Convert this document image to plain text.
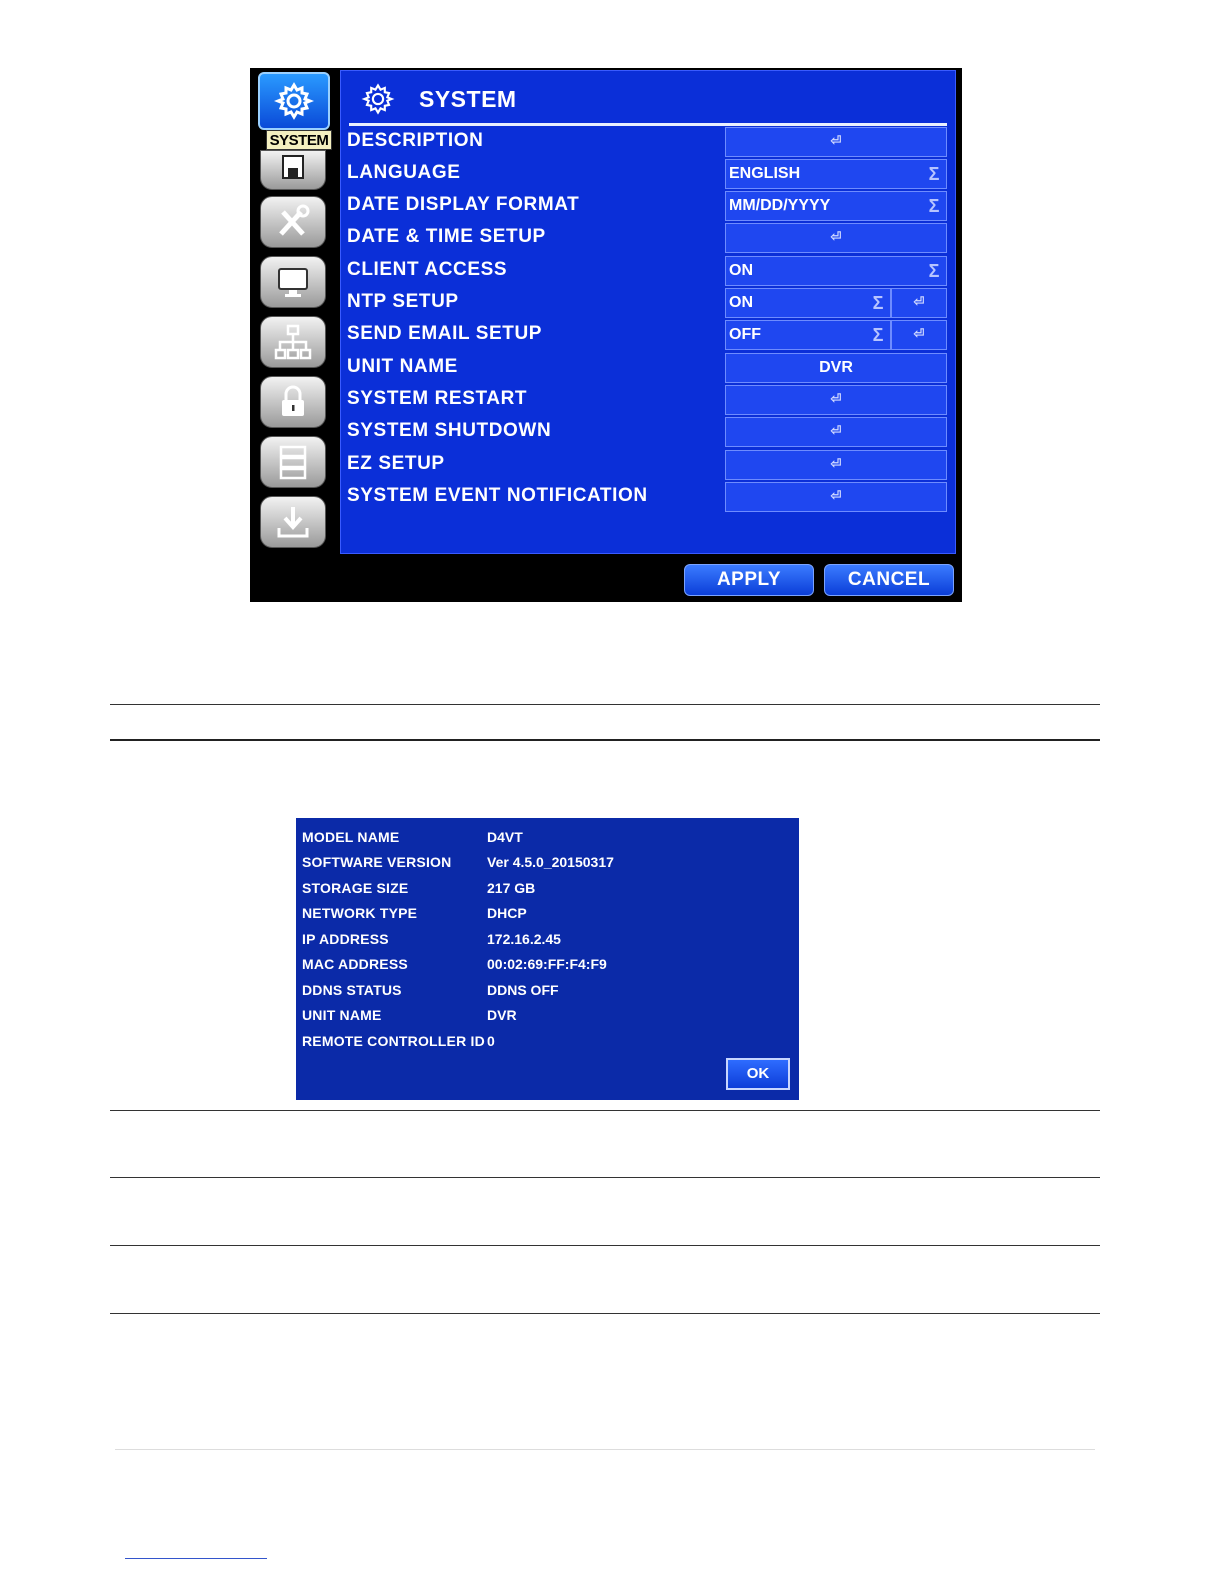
SYSTEM
SYSTEM
DESCRIPTION	⏎
LANGUAGE	ENGLISH	Σ
DATE DISPLAY FORMAT	MM/DD/YYYY	Σ
DATE & TIME SETUP	⏎
CLIENT ACCESS	ON	Σ
NTP SETUP	ON	Σ	⏎
SEND EMAIL SETUP	OFF	Σ	⏎
UNIT NAME	DVR
SYSTEM RESTART	⏎
SYSTEM SHUTDOWN	⏎
EZ SETUP	⏎
SYSTEM EVENT NOTIFICATION	⏎
APPLY	CANCEL
MODEL NAME	D4VT
SOFTWARE VERSION	Ver 4.5.0_20150317
STORAGE SIZE	217 GB
NETWORK TYPE	DHCP
IP ADDRESS	172.16.2.45
MAC ADDRESS	00:02:69:FF:F4:F9
DDNS STATUS	DDNS OFF
UNIT NAME	DVR
REMOTE CONTROLLER ID 0
OK
